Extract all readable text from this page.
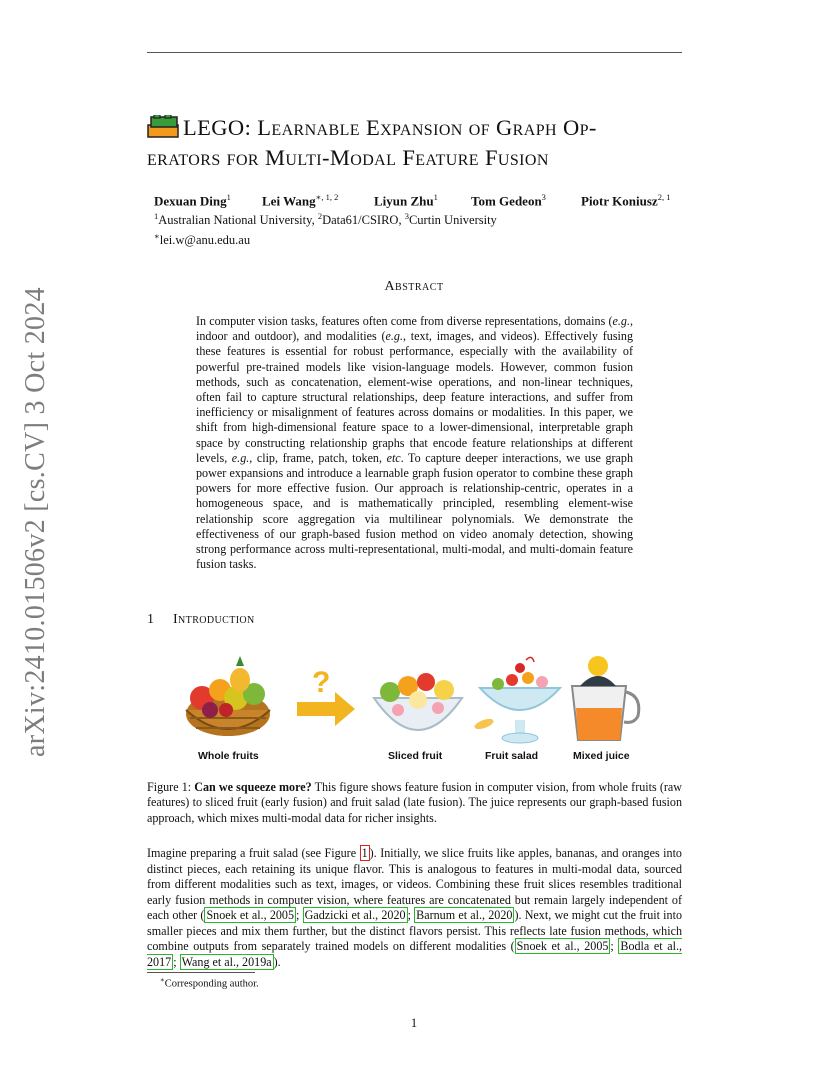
arXiv:2410.01506v2 [cs.CV] 3 Oct 2024
LEGO: Learnable Expansion of Graph Op-
erators for Multi-Modal Feature Fusion
Dexuan Ding$^1$ Lei Wang$^{∗, 1, 2}$	Liyun Zhu$^1$	Tom Gedeon$^3$	Piotr Koniusz$^{2, 1}$
$^1$Australian National University, $^2$Data61/CSIRO, $^3$Curtin University
∗lei.w@anu.edu.au
Abstract
In computer vision tasks, features often come from diverse representations, domains (e.g., indoor and outdoor), and modalities (e.g., text, images, and videos). Effectively fusing these features is essential for robust performance, especially with the availability of powerful pre-trained models like vision-language models. However, common fusion methods, such as concatenation, element-wise operations, and non-linear techniques, often fail to capture structural relationships, deep feature interactions, and suffer from inefficiency or misalignment of features across domains or modalities. In this paper, we shift from high-dimensional feature space to a lower-dimensional, interpretable graph space by constructing relationship graphs that encode feature relationships at different levels, e.g., clip, frame, patch, token, etc. To capture deeper interactions, we use graph power expansions and introduce a learnable graph fusion operator to combine these graph powers for more effective fusion. Our approach is relationship-centric, operates in a homogeneous space, and is mathematically principled, resembling element-wise relationship score aggregation via multilinear polynomials. We demonstrate the effectiveness of our graph-based fusion method on video anomaly detection, showing strong performance across multi-representational, multi-modal, and multi-domain feature fusion tasks.
1 Introduction
?
Whole fruits	Sliced fruit	Fruit salad	Mixed juice
Figure 1: Can we squeeze more? This figure shows feature fusion in computer vision, from whole fruits (raw features) to sliced fruit (early fusion) and fruit salad (late fusion). The juice represents our graph-based fusion approach, which mixes multi-modal data for richer insights.
Imagine preparing a fruit salad (see Figure 1 ). Initially, we slice fruits like apples, bananas, and oranges into distinct pieces, each retaining its unique flavor. This is analogous to features in multi-modal data, sourced from different modalities such as text, images, or videos. Combining these fruit slices resembles traditional early fusion methods in computer vision, where features are concatenated but remain largely independent of each other ( Snoek et al., 2005 ; Gadzicki et al., 2020 ; Barnum et al., 2020 ). Next, we might cut the fruit into smaller pieces and mix them further, but the distinct flavors persist. This reflects late fusion methods, which combine outputs from separately trained models on different modalities ( Snoek et al., 2005 ; Bodla et al., 2017 ; Wang et al., 2019a ).
∗Corresponding author.
1
